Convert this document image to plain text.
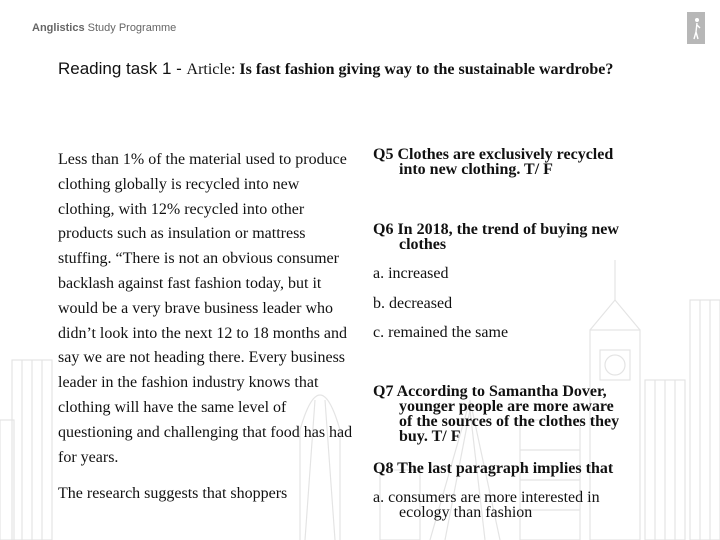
Anglistics Study Programme
Reading task 1 - Article: Is fast fashion giving way to the sustainable wardrobe?

Less than 1% of the material used to produce clothing globally is recycled into new clothing, with 12% recycled into other products such as insulation or mattress stuffing. “There is not an obvious consumer backlash against fast fashion today, but it would be a very brave business leader who didn’t look into the next 12 to 18 months and say we are not heading there. Every business leader in the fashion industry knows that clothing will have the same level of questioning and challenging that food has had for years.

The research suggests that shoppers

Q5 Clothes are exclusively recycled
into new clothing. T/ F
Q6 In 2018, the trend of buying new
clothes
a. increased
b. decreased
c. remained the same
Q7 According to Samantha Dover,
younger people are more aware
of the sources of the clothes they
buy. T/ F
Q8 The last paragraph implies that
a. consumers are more interested in
ecology than fashion
